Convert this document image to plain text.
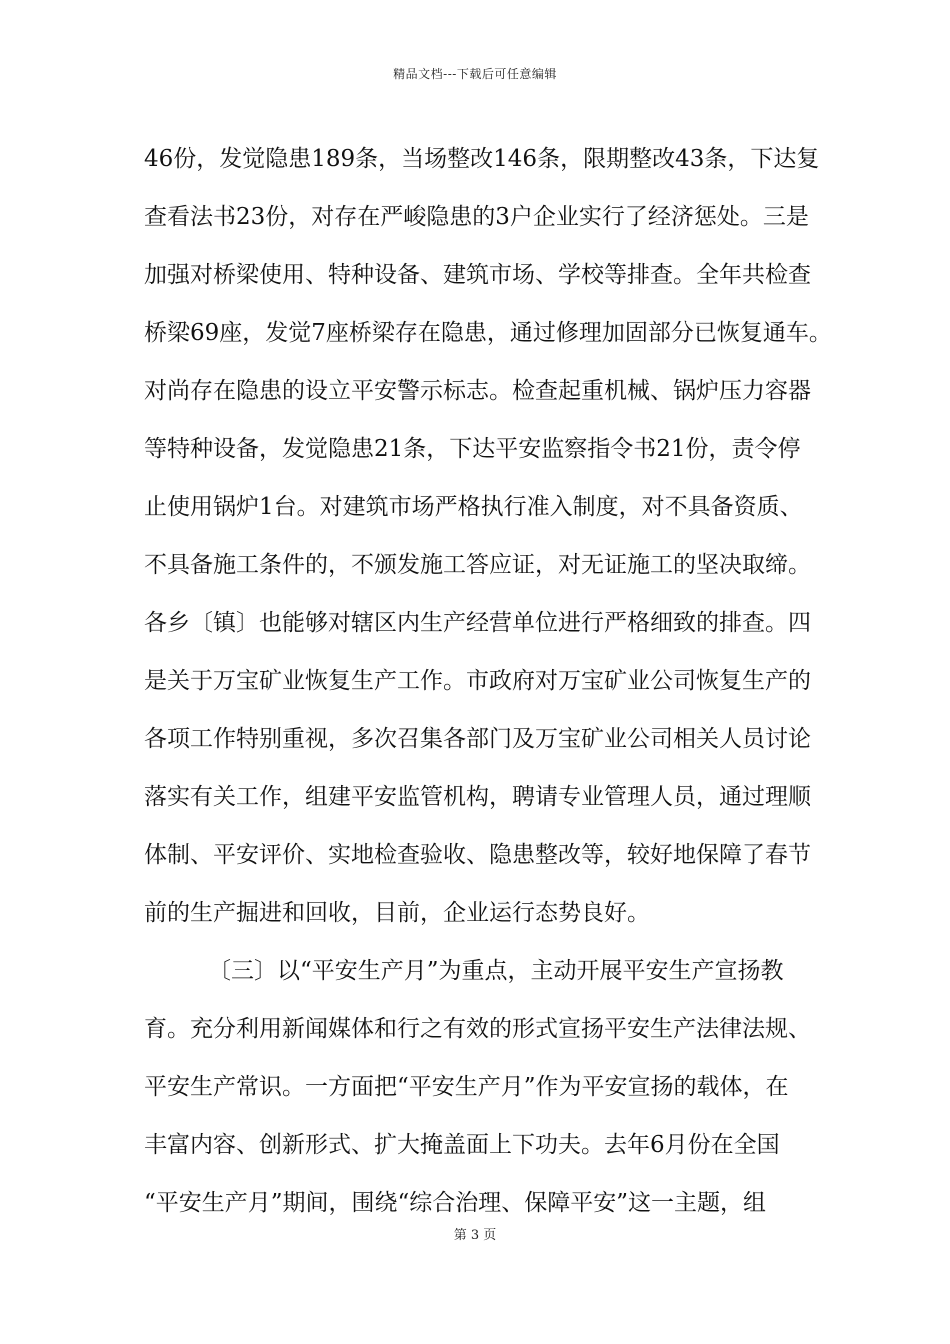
精品文档---下载后可任意编辑
46份，发觉隐患189条，当场整改146条，限期整改43条，下达复
查看法书23份，对存在严峻隐患的3户企业实行了经济惩处。三是
加强对桥梁使用、特种设备、建筑市场、学校等排查。全年共检查
桥梁69座，发觉7座桥梁存在隐患，通过修理加固部分已恢复通车。
对尚存在隐患的设立平安警示标志。检查起重机械、锅炉压力容器
等特种设备，发觉隐患21条，下达平安监察指令书21份，责令停
止使用锅炉1台。对建筑市场严格执行准入制度，对不具备资质、
不具备施工条件的，不颁发施工答应证，对无证施工的坚决取缔。
各乡〔镇〕也能够对辖区内生产经营单位进行严格细致的排查。四
是关于万宝矿业恢复生产工作。市政府对万宝矿业公司恢复生产的
各项工作特别重视，多次召集各部门及万宝矿业公司相关人员讨论
落实有关工作，组建平安监管机构，聘请专业管理人员，通过理顺
体制、平安评价、实地检查验收、隐患整改等，较好地保障了春节
前的生产掘进和回收，目前，企业运行态势良好。
〔三〕以“平安生产月”为重点，主动开展平安生产宣扬教
育。充分利用新闻媒体和行之有效的形式宣扬平安生产法律法规、
平安生产常识。一方面把“平安生产月”作为平安宣扬的载体，在
丰富内容、创新形式、扩大掩盖面上下功夫。去年6月份在全国
“平安生产月”期间，围绕“综合治理、保障平安”这一主题，组
第 3 页
